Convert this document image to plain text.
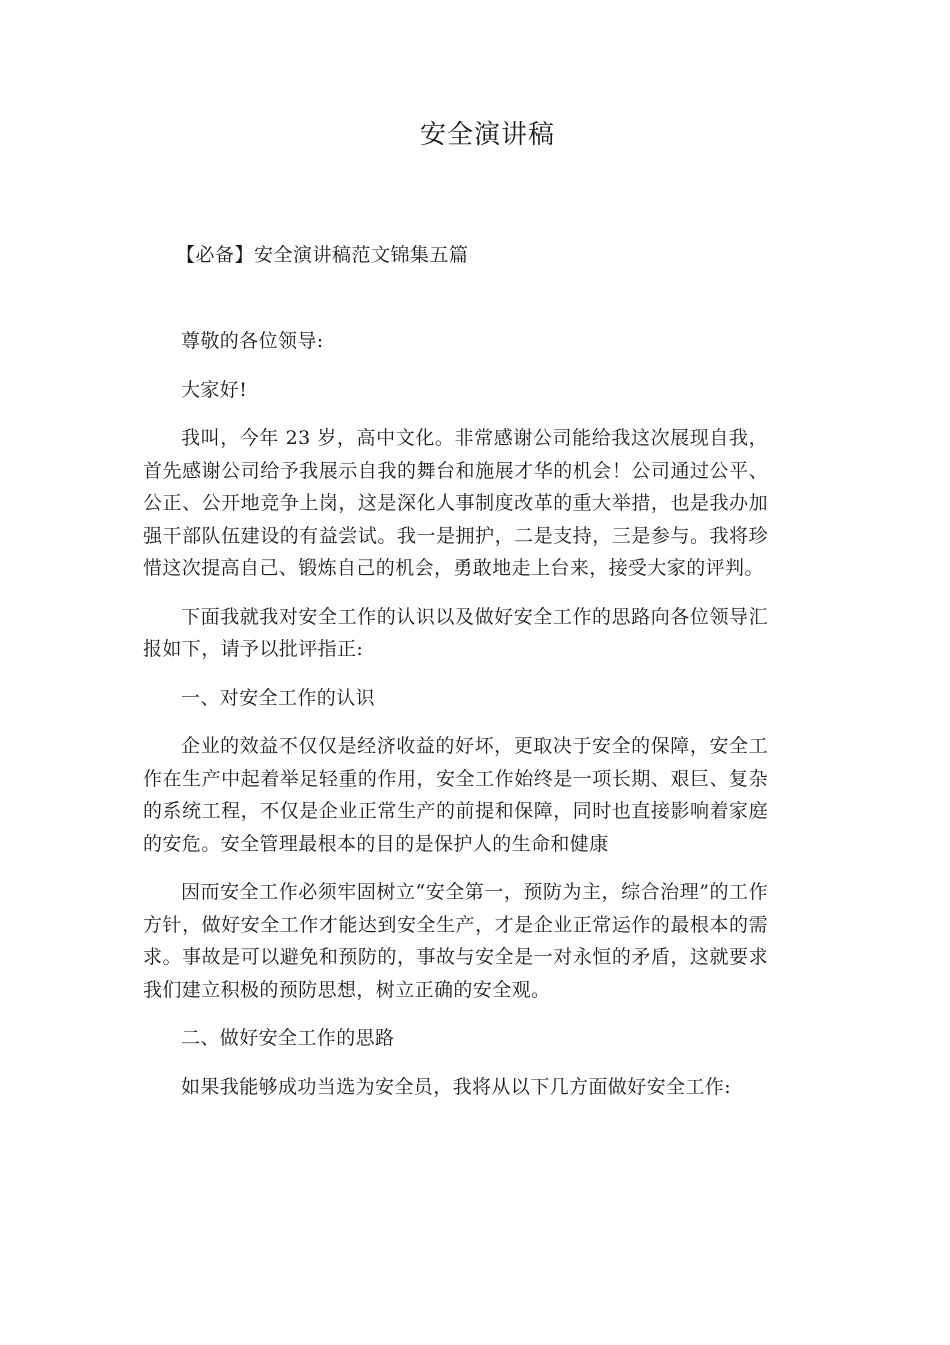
安全演讲稿
【必备】安全演讲稿范文锦集五篇

尊敬的各位领导:

大家好!

我叫，今年 23 岁，高中文化。非常感谢公司能给我这次展现自我，首先感谢公司给予我展示自我的舞台和施展才华的机会！公司通过公平、公正、公开地竞争上岗，这是深化人事制度改革的重大举措，也是我办加强干部队伍建设的有益尝试。我一是拥护，二是支持，三是参与。我将珍惜这次提高自己、锻炼自己的机会，勇敢地走上台来，接受大家的评判。

下面我就我对安全工作的认识以及做好安全工作的思路向各位领导汇报如下，请予以批评指正:

一、对安全工作的认识

企业的效益不仅仅是经济收益的好坏，更取决于安全的保障，安全工作在生产中起着举足轻重的作用，安全工作始终是一项长期、艰巨、复杂的系统工程，不仅是企业正常生产的前提和保障，同时也直接影响着家庭的安危。安全管理最根本的目的是保护人的生命和健康

因而安全工作必须牢固树立“安全第一，预防为主，综合治理”的工作方针，做好安全工作才能达到安全生产，才是企业正常运作的最根本的需求。事故是可以避免和预防的，事故与安全是一对永恒的矛盾，这就要求我们建立积极的预防思想，树立正确的安全观。

二、做好安全工作的思路

如果我能够成功当选为安全员，我将从以下几方面做好安全工作:
